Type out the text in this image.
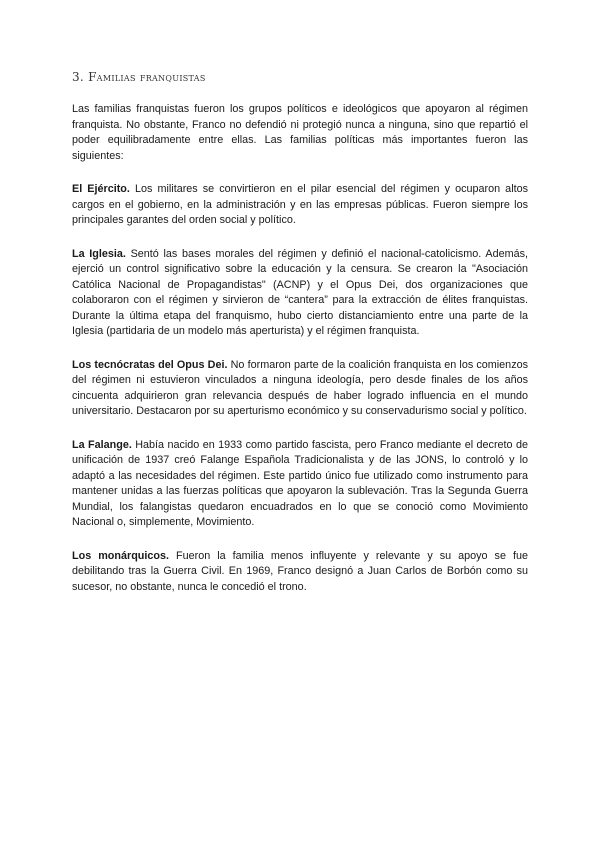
3. Familias franquistas

Las familias franquistas fueron los grupos políticos e ideológicos que apoyaron al régimen franquista. No obstante, Franco no defendió ni protegió nunca a ninguna, sino que repartió el poder equilibradamente entre ellas. Las familias políticas más importantes fueron las siguientes:

El Ejército. Los militares se convirtieron en el pilar esencial del régimen y ocuparon altos cargos en el gobierno, en la administración y en las empresas públicas. Fueron siempre los principales garantes del orden social y político.

La Iglesia. Sentó las bases morales del régimen y definió el nacional-catolicismo. Además, ejerció un control significativo sobre la educación y la censura. Se crearon la "Asociación Católica Nacional de Propagandistas" (ACNP) y el Opus Dei, dos organizaciones que colaboraron con el régimen y sirvieron de “cantera” para la extracción de élites franquistas. Durante la última etapa del franquismo, hubo cierto distanciamiento entre una parte de la Iglesia (partidaria de un modelo más aperturista) y el régimen franquista.

Los tecnócratas del Opus Dei. No formaron parte de la coalición franquista en los comienzos del régimen ni estuvieron vinculados a ninguna ideología, pero desde finales de los años cincuenta adquirieron gran relevancia después de haber logrado influencia en el mundo universitario. Destacaron por su aperturismo económico y su conservadurismo social y político.

La Falange. Había nacido en 1933 como partido fascista, pero Franco mediante el decreto de unificación de 1937 creó Falange Española Tradicionalista y de las JONS, lo controló y lo adaptó a las necesidades del régimen. Este partido único fue utilizado como instrumento para mantener unidas a las fuerzas políticas que apoyaron la sublevación. Tras la Segunda Guerra Mundial, los falangistas quedaron encuadrados en lo que se conoció como Movimiento Nacional o, simplemente, Movimiento.

Los monárquicos. Fueron la familia menos influyente y relevante y su apoyo se fue debilitando tras la Guerra Civil. En 1969, Franco designó a Juan Carlos de Borbón como su sucesor, no obstante, nunca le concedió el trono.
